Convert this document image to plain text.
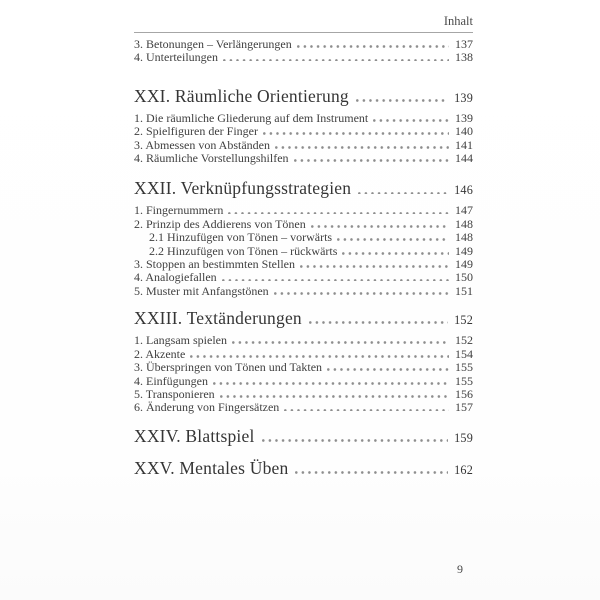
Inhalt
3. Betonungen – Verlängerungen	137
4. Unterteilungen	138
XXI. Räumliche Orientierung	139
1. Die räumliche Gliederung auf dem Instrument	139
2. Spielfiguren der Finger	140
3. Abmessen von Abständen	141
4. Räumliche Vorstellungshilfen	144
XXII. Verknüpfungsstrategien	146
1. Fingernummern	147
2. Prinzip des Addierens von Tönen	148
2.1 Hinzufügen von Tönen – vorwärts	148
2.2 Hinzufügen von Tönen – rückwärts	149
3. Stoppen an bestimmten Stellen	149
4. Analogiefallen	150
5. Muster mit Anfangstönen	151
XXIII. Textänderungen	152
1. Langsam spielen	152
2. Akzente	154
3. Überspringen von Tönen und Takten	155
4. Einfügungen	155
5. Transponieren	156
6. Änderung von Fingersätzen	157
XXIV. Blattspiel	159
XXV. Mentales Üben	162
9
